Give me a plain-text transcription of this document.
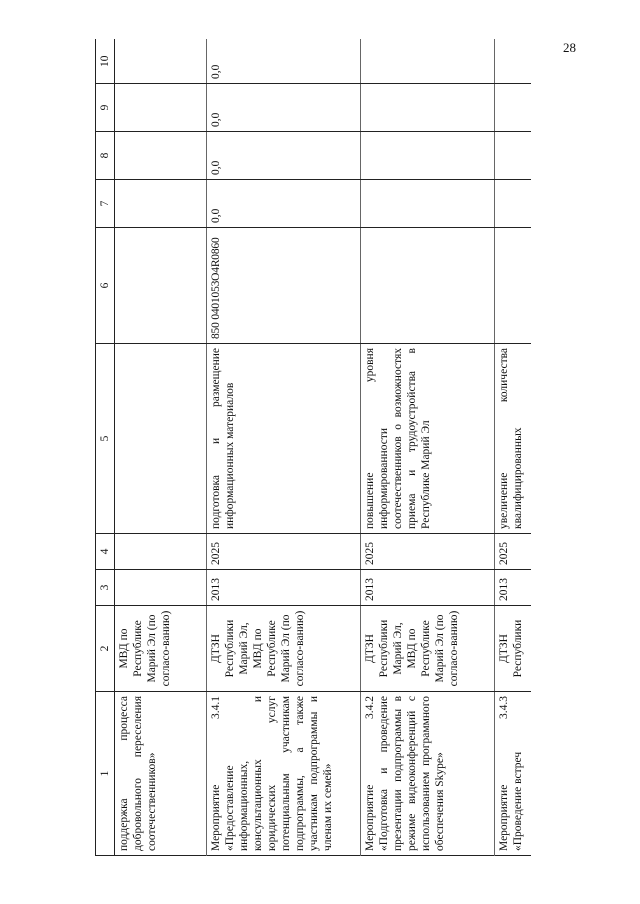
28
1	2	3	4	5	6	7	8	9	10
поддержка процесса добровольного переселения соотечественников»	МВД по Республике Марий Эл (по согласо-ванию)								
Мероприятие 3.4.1 «Предоставление информационных, консультационных и юридических услуг потенциальным участникам подпрограммы, а также участникам подпрограммы и членам их семей»	ДТЗН Республики Марий Эл, МВД по Республике Марий Эл (по согласо-ванию)	2013	2025	подготовка и размещение информационных материалов	850 0401053О4R0860	0,0	0,0	0,0	0,0
Мероприятие 3.4.2 «Подготовка и проведение презентации подпрограммы в режиме видеоконференций с использованием программного обеспечения Skype»	ДТЗН Республики Марий Эл, МВД по Республике Марий Эл (по согласо-ванию)	2013	2025	повышение уровня информированности соотечественников о возможностях приема и трудоустройства в Республике Марий Эл					
Мероприятие 3.4.3 «Проведение встреч	ДТЗН Республики	2013	2025	увеличение количества квалифицированных					
